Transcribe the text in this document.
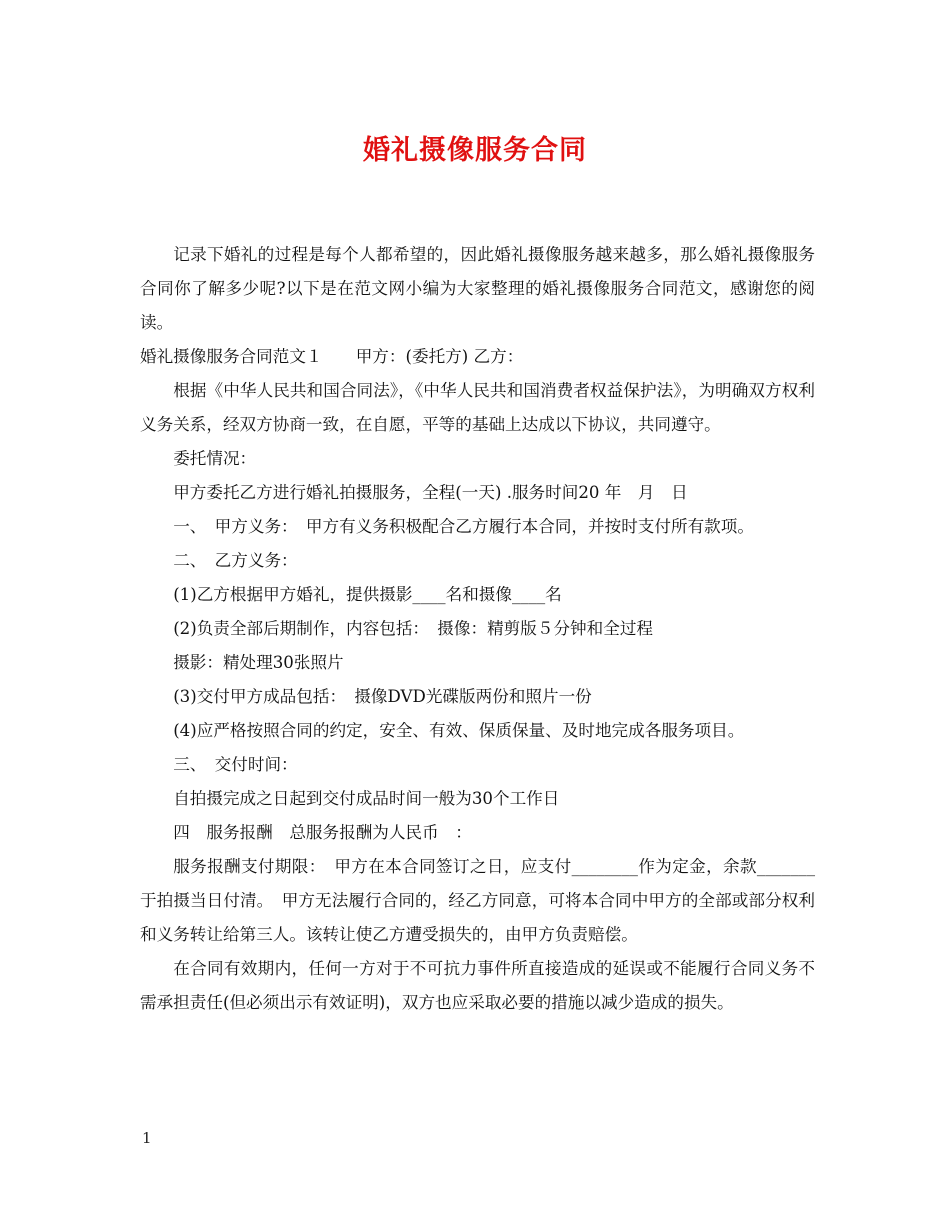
婚礼摄像服务合同

记录下婚礼的过程是每个人都希望的，因此婚礼摄像服务越来越多，那么婚礼摄像服务合同你了解多少呢?以下是在范文网小编为大家整理的婚礼摄像服务合同范文，感谢您的阅读。

婚礼摄像服务合同范文１　　甲方：(委托方) 乙方：

根据《中华人民共和国合同法》，《中华人民共和国消费者权益保护法》，为明确双方权利义务关系，经双方协商一致，在自愿，平等的基础上达成以下协议，共同遵守。

委托情况：

甲方委托乙方进行婚礼拍摄服务，全程(一天) .服务时间20 年　月　日

一、　甲方义务：　甲方有义务积极配合乙方履行本合同，并按时支付所有款项。

二、　乙方义务：

(1)乙方根据甲方婚礼，提供摄影____名和摄像____名

(2)负责全部后期制作，内容包括：　摄像：精剪版５分钟和全过程

摄影：精处理30张照片

(3)交付甲方成品包括：　摄像DVD光碟版两份和照片一份

(4)应严格按照合同的约定，安全、有效、保质保量、及时地完成各服务项目。

三、　交付时间：

自拍摄完成之日起到交付成品时间一般为30个工作日

四　服务报酬　总服务报酬为人民币　：

服务报酬支付期限：　甲方在本合同签订之日，应支付________作为定金，余款_______于拍摄当日付清。　甲方无法履行合同的，经乙方同意，可将本合同中甲方的全部或部分权利和义务转让给第三人。该转让使乙方遭受损失的，由甲方负责赔偿。

在合同有效期内，任何一方对于不可抗力事件所直接造成的延误或不能履行合同义务不需承担责任(但必须出示有效证明)，双方也应采取必要的措施以减少造成的损失。

1
